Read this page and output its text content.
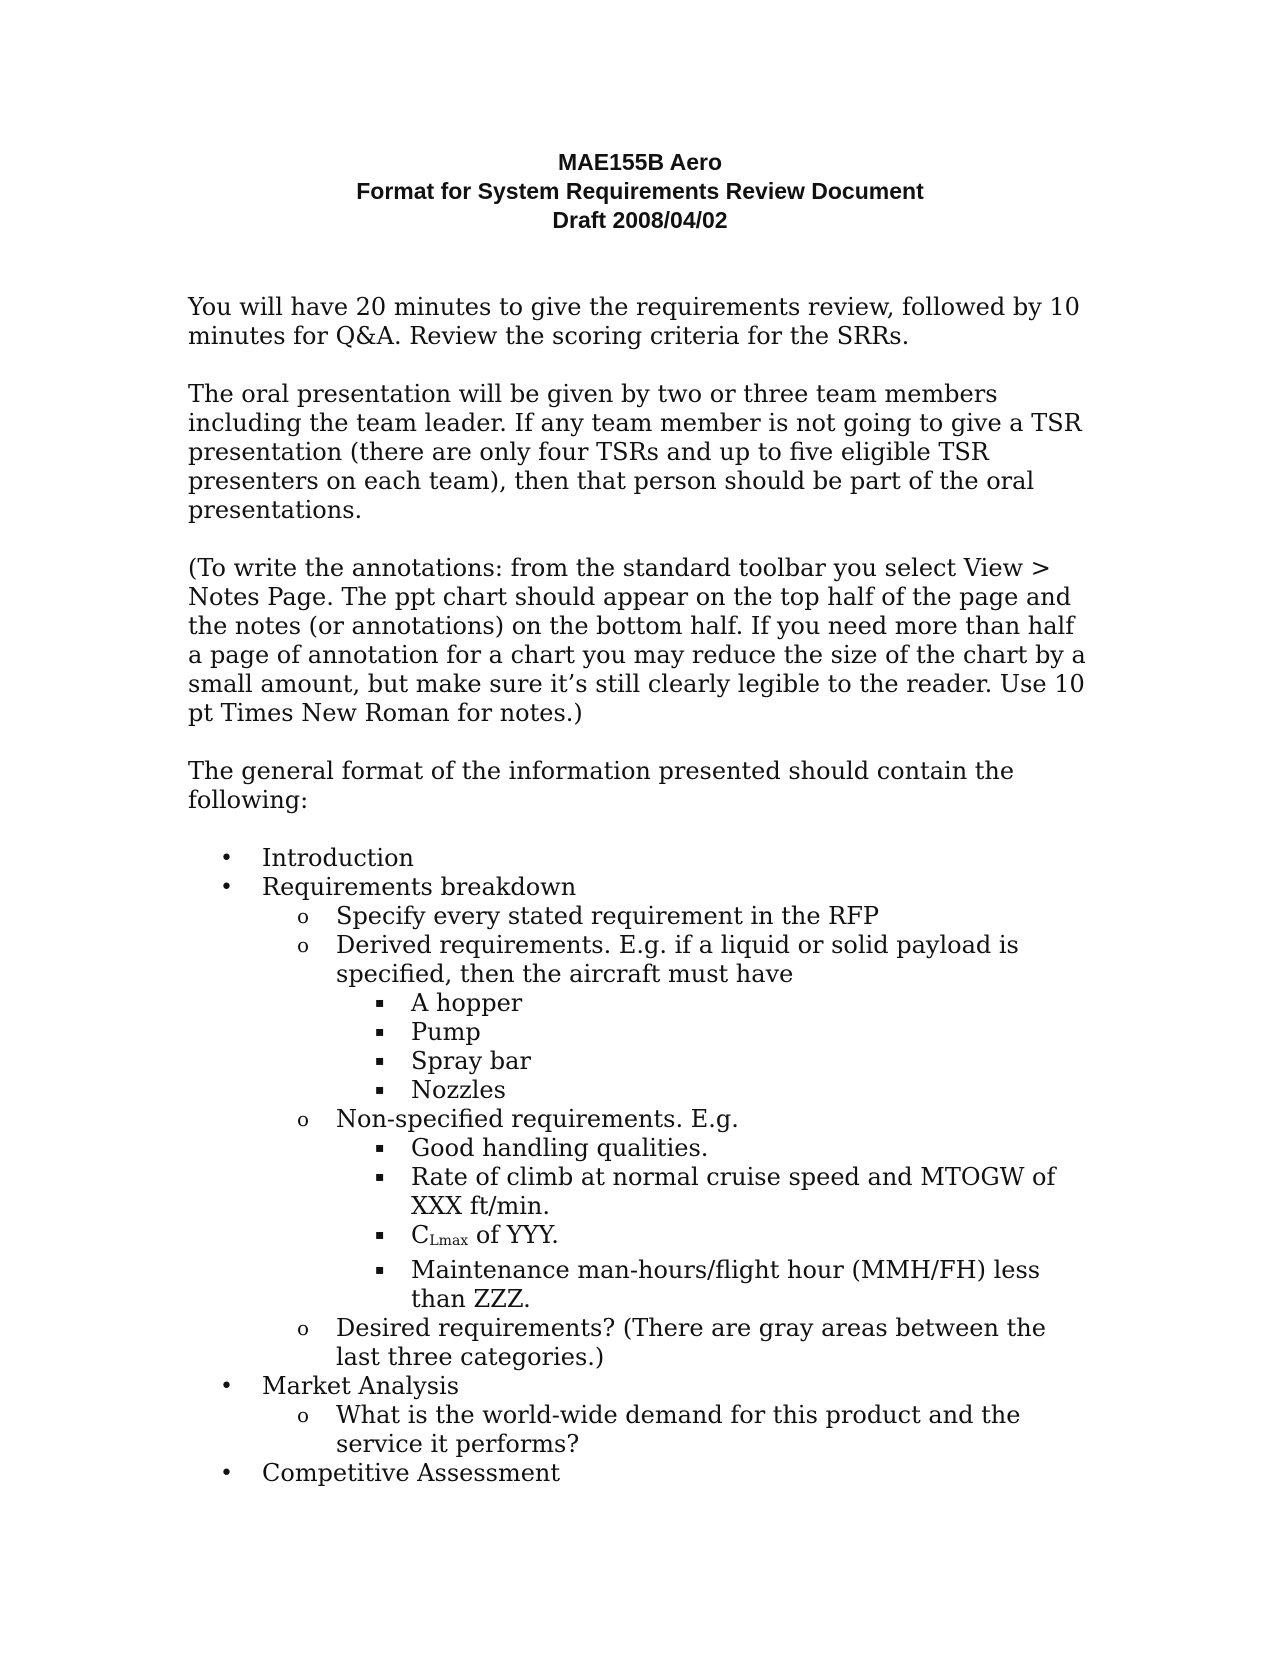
MAE155B Aero
Format for System Requirements Review Document
Draft 2008/04/02

You will have 20 minutes to give the requirements review, followed by 10 minutes for Q&A. Review the scoring criteria for the SRRs.

The oral presentation will be given by two or three team members including the team leader. If any team member is not going to give a TSR presentation (there are only four TSRs and up to five eligible TSR presenters on each team), then that person should be part of the oral presentations.

(To write the annotations: from the standard toolbar you select View > Notes Page. The ppt chart should appear on the top half of the page and the notes (or annotations) on the bottom half. If you need more than half a page of annotation for a chart you may reduce the size of the chart by a small amount, but make sure it’s still clearly legible to the reader. Use 10 pt Times New Roman for notes.)

The general format of the information presented should contain the following:

• Introduction
• Requirements breakdown
o Specify every stated requirement in the RFP
o Derived requirements. E.g. if a liquid or solid payload is specified, then the aircraft must have
▪ A hopper
▪ Pump
▪ Spray bar
▪ Nozzles
o Non-specified requirements. E.g.
▪ Good handling qualities.
▪ Rate of climb at normal cruise speed and MTOGW of XXX ft/min.
▪ CLmax of YYY.
▪ Maintenance man-hours/flight hour (MMH/FH) less than ZZZ.
o Desired requirements? (There are gray areas between the last three categories.)
• Market Analysis
o What is the world-wide demand for this product and the service it performs?
• Competitive Assessment
